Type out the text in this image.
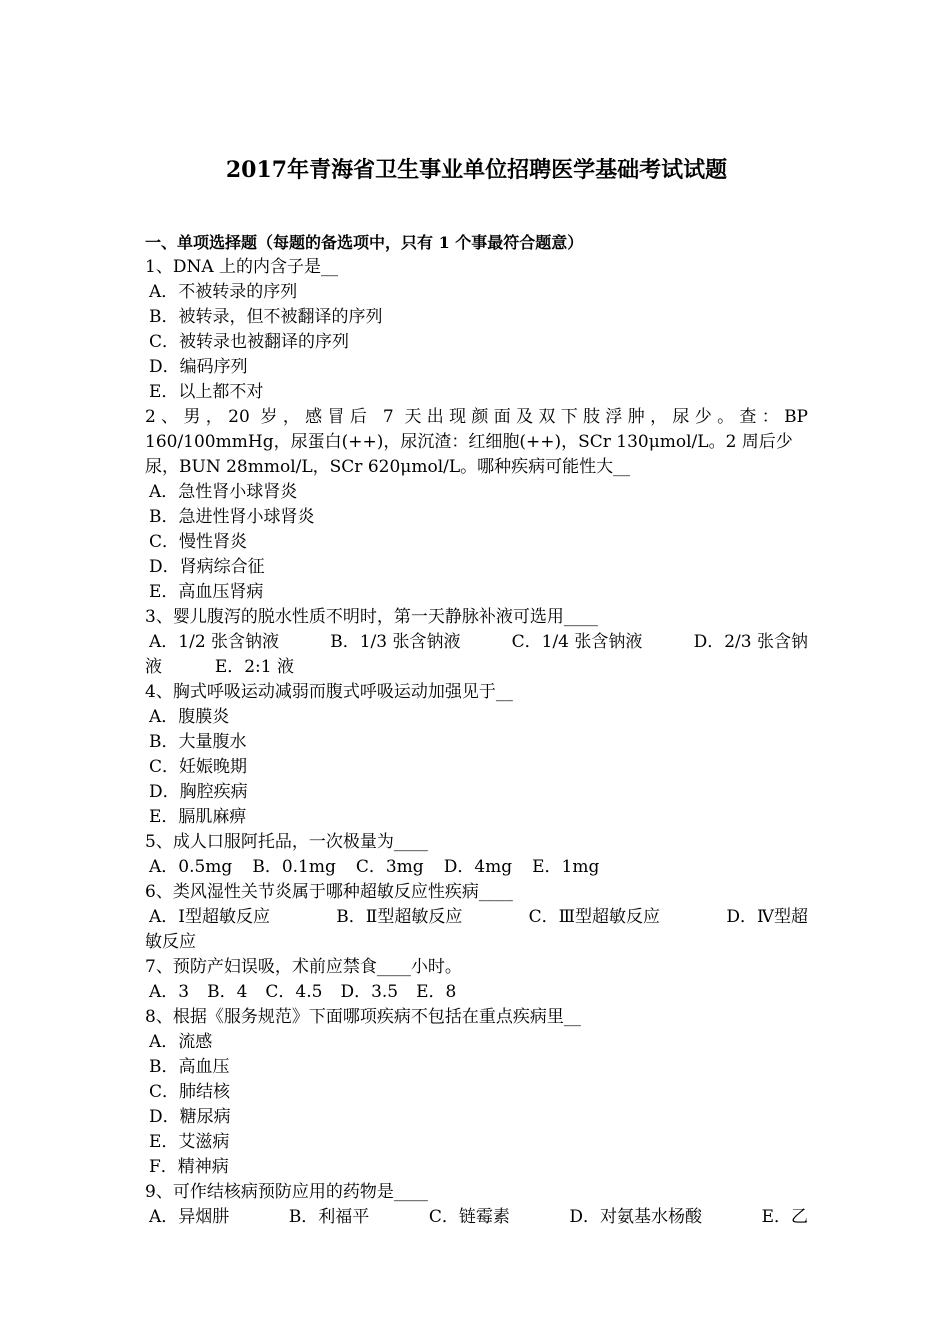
2017年青海省卫生事业单位招聘医学基础考试试题
一、单项选择题（每题的备选项中，只有 1 个事最符合题意）
1、DNA 上的内含子是__
A．不被转录的序列
B．被转录，但不被翻译的序列
C．被转录也被翻译的序列
D．编码序列
E．以上都不对
2、男，20 岁，感冒后 7 天出现颜面及双下肢浮肿，尿少。查：BP
160/100mmHg，尿蛋白(++)，尿沉渣：红细胞(++)，SCr 130μmol/L。2 周后少
尿，BUN 28mmol/L，SCr 620μmol/L。哪种疾病可能性大__
A．急性肾小球肾炎
B．急进性肾小球肾炎
C．慢性肾炎
D．肾病综合征
E．高血压肾病
3、婴儿腹泻的脱水性质不明时，第一天静脉补液可选用____
A．1/2 张含钠液	B．1/3 张含钠液	C．1/4 张含钠液	D．2/3 张含钠
液	E．2:1 液
4、胸式呼吸运动减弱而腹式呼吸运动加强见于__
A．腹膜炎
B．大量腹水
C．妊娠晚期
D．胸腔疾病
E．膈肌麻痹
5、成人口服阿托品，一次极量为____
A．0.5mg B．0.1mg C．3mg D．4mg E．1mg
6、类风湿性关节炎属于哪种超敏反应性疾病____
A．Ⅰ型超敏反应	B．Ⅱ型超敏反应	C．Ⅲ型超敏反应	D．Ⅳ型超
敏反应
7、预防产妇误吸，术前应禁食____小时。
A．3 B．4 C．4.5 D．3.5 E．8
8、根据《服务规范》下面哪项疾病不包括在重点疾病里__
A．流感
B．高血压
C．肺结核
D．糖尿病
E．艾滋病
F．精神病
9、可作结核病预防应用的药物是____
A．异烟肼	B．利福平	C．链霉素	D．对氨基水杨酸	E．乙
